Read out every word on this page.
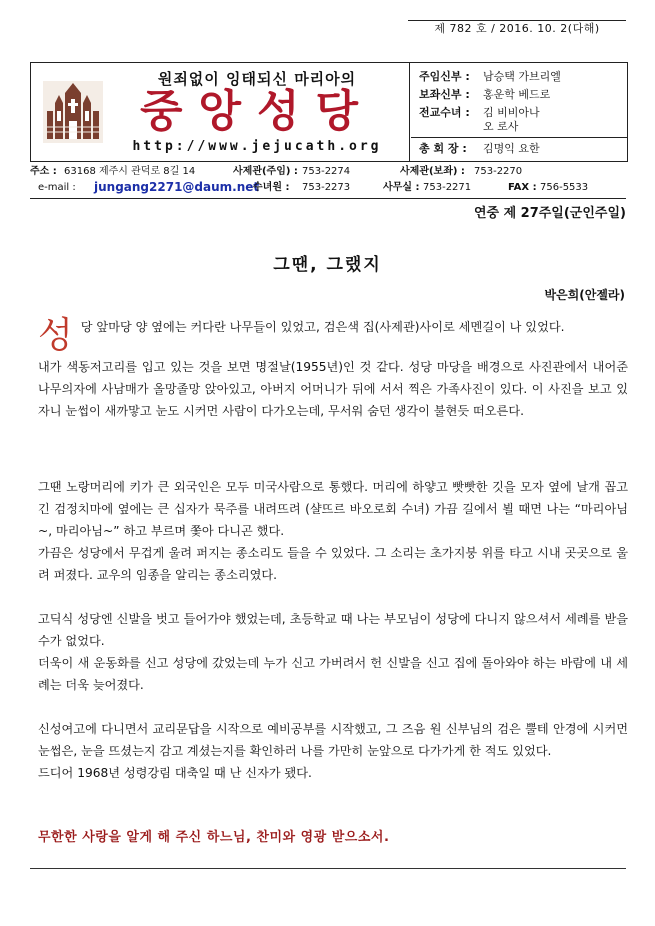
제 782 호 / 2016. 10. 2(다해)
원죄없이 잉태되신 마리아의
중앙성당
http://www.jejucath.org
주임신부 : 남승택 가브리엘
보좌신부 : 홍운학 베드로
전교수녀 : 김 비비아나
오 로사
총 회 장 : 김명익 요한
주소 : 63168 제주시 관덕로 8길 14	사제관(주임) : 753-2274	사제관(보좌) : 753-2270
e-mail : jungang2271@daum.net
수녀원 : 753-2273	사무실 : 753-2271	FAX : 756-5533
연중 제 27주일(군인주일)
그땐, 그랬지
박은희(안젤라)

성당 앞마당 양 옆에는 커다란 나무들이 있었고, 검은색 집(사제관)사이로 세멘길이 나 있었다.

내가 색동저고리를 입고 있는 것을 보면 명절날(1955년)인 것 같다. 성당 마당을 배경으로 사진관에서 내어준 나무의자에 사남매가 올망졸망 앉아있고, 아버지 어머니가 뒤에 서서 찍은 가족사진이 있다. 이 사진을 보고 있자니 눈썹이 새까맣고 눈도 시커먼 사람이 다가오는데, 무서워 숨던 생각이 불현듯 떠오른다.

그땐 노랑머리에 키가 큰 외국인은 모두 미국사람으로 통했다. 머리에 하얗고 빳빳한 깃을 모자 옆에 날개 꼽고 긴 검정치마에 옆에는 큰 십자가 묵주를 내려뜨려 (샬뜨르 바오로회 수녀) 가끔 길에서 뵐 때면 나는 “마리아님~, 마리아님~” 하고 부르며 쫓아 다니곤 했다.

가끔은 성당에서 무겁게 울려 퍼지는 종소리도 들을 수 있었다. 그 소리는 초가지붕 위를 타고 시내 곳곳으로 울려 퍼졌다. 교우의 임종을 알리는 종소리였다.

고딕식 성당엔 신발을 벗고 들어가야 했었는데, 초등학교 때 나는 부모님이 성당에 다니지 않으셔서 세례를 받을 수가 없었다.

더욱이 새 운동화를 신고 성당에 갔었는데 누가 신고 가버려서 헌 신발을 신고 집에 돌아와야 하는 바람에 내 세례는 더욱 늦어졌다.

신성여고에 다니면서 교리문답을 시작으로 예비공부를 시작했고, 그 즈음 원 신부님의 검은 뿔테 안경에 시커먼 눈썹은, 눈을 뜨셨는지 감고 계셨는지를 확인하러 나를 가만히 눈앞으로 다가가게 한 적도 있었다.

드디어 1968년 성령강림 대축일 때 난 신자가 됐다.

무한한 사랑을 알게 해 주신 하느님, 찬미와 영광 받으소서.
